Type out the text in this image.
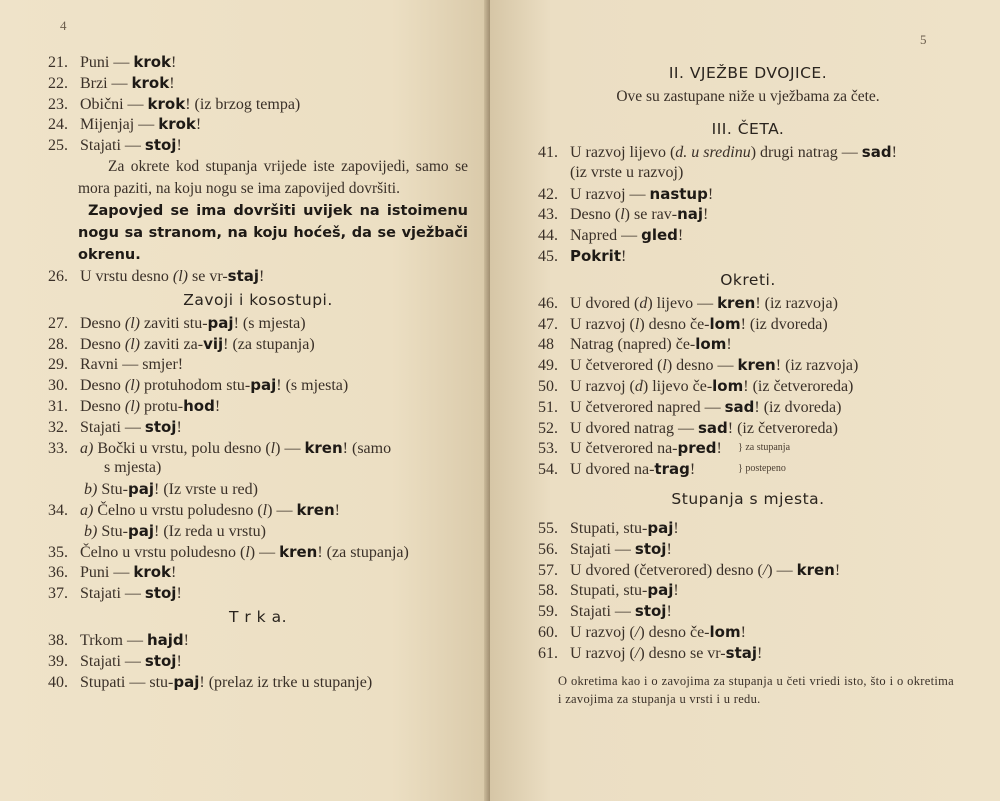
4
21. Puni — krok!
22. Brzi — krok!
23. Obični — krok! (iz brzog tempa)
24. Mijenjaj — krok!
25. Stajati — stoj!
Za okrete kod stupanja vrijede iste zapovijedi, samo se mora paziti, na koju nogu se ima zapovijed dovršiti.
Zapovjed se ima dovršiti uvijek na istoimenu nogu sa stranom, na koju hoćeš, da se vježbači okrenu.
26. U vrstu desno (l) se vr-staj!
Zavoji i kosostupi.
27. Desno (l) zaviti stu-paj! (s mjesta)
28. Desno (l) zaviti za-vij! (za stupanja)
29. Ravni — smjer!
30. Desno (l) protuhodom stu-paj! (s mjesta)
31. Desno (l) protu-hod!
32. Stajati — stoj!
33. a) Bočki u vrstu, polu desno (l) — kren! (samo
s mjesta)
b) Stu-paj! (Iz vrste u red)
34. a) Čelno u vrstu poludesno (l) — kren!
b) Stu-paj! (Iz reda u vrstu)
35. Čelno u vrstu poludesno (l) — kren! (za stupanja)
36. Puni — krok!
37. Stajati — stoj!
T r k a.
38. Trkom — hajd!
39. Stajati — stoj!
40. Stupati — stu-paj! (prelaz iz trke u stupanje)
5
II. VJEŽBE DVOJICE.
Ove su zastupane niže u vježbama za čete.
III. ČETA.
41. U razvoj lijevo (d. u sredinu) drugi natrag — sad!
(iz vrste u razvoj)
42. U razvoj — nastup!
43. Desno (l) se rav-naj!
44. Napred — gled!
45. Pokrit!
Okreti.
} za stupanja
} postepeno
46. U dvored (d) lijevo — kren! (iz razvoja)
47. U razvoj (l) desno če-lom! (iz dvoreda)
48 Natrag (napred) če-lom!
49. U četverored (l) desno — kren! (iz razvoja)
50. U razvoj (d) lijevo če-lom! (iz četveroreda)
51. U četverored napred — sad! (iz dvoreda)
52. U dvored natrag — sad! (iz četveroreda)
53. U četverored na-pred!
54. U dvored na-trag!
Stupanja s mjesta.
55. Stupati, stu-paj!
56. Stajati — stoj!
57. U dvored (četverored) desno (/) — kren!
58. Stupati, stu-paj!
59. Stajati — stoj!
60. U razvoj (/) desno če-lom!
61. U razvoj (/) desno se vr-staj!
O okretima kao i o zavojima za stupanja u četi vriedi isto, što i o okretima i zavojima za stupanja u vrsti i u redu.
